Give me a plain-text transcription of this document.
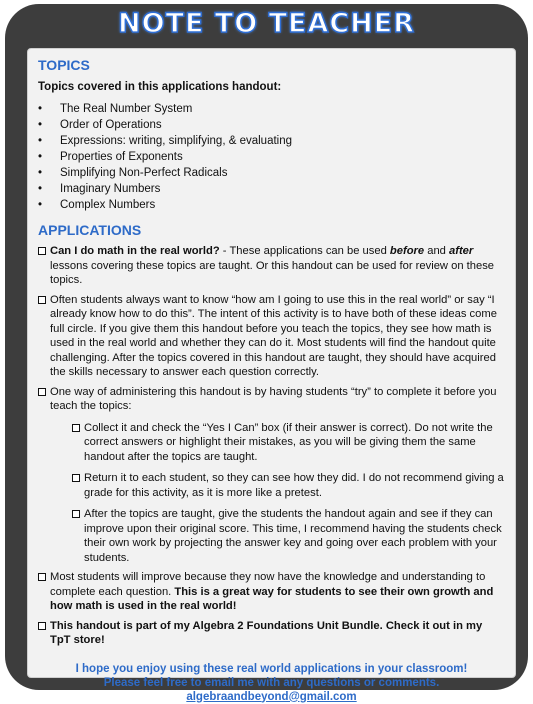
NOTE TO TEACHER
TOPICS
Topics covered in this applications handout:
• The Real Number System
• Order of Operations
• Expressions: writing, simplifying, & evaluating
• Properties of Exponents
• Simplifying Non-Perfect Radicals
• Imaginary Numbers
• Complex Numbers
APPLICATIONS
Can I do math in the real world? - These applications can be used before and after lessons covering these topics are taught. Or this handout can be used for review on these topics.
Often students always want to know “how am I going to use this in the real world” or say “I already know how to do this”. The intent of this activity is to have both of these ideas come full circle. If you give them this handout before you teach the topics, they see how math is used in the real world and whether they can do it. Most students will find the handout quite challenging. After the topics covered in this handout are taught, they should have acquired the skills necessary to answer each question correctly.
One way of administering this handout is by having students “try” to complete it before you teach the topics:
Collect it and check the “Yes I Can” box (if their answer is correct). Do not write the correct answers or highlight their mistakes, as you will be giving them the same handout after the topics are taught.
Return it to each student, so they can see how they did. I do not recommend giving a grade for this activity, as it is more like a pretest.
After the topics are taught, give the students the handout again and see if they can improve upon their original score. This time, I recommend having the students check their own work by projecting the answer key and going over each problem with your students.
Most students will improve because they now have the knowledge and understanding to complete each question. This is a great way for students to see their own growth and how math is used in the real world!
This handout is part of my Algebra 2 Foundations Unit Bundle. Check it out in my TpT store!
I hope you enjoy using these real world applications in your classroom!
Please feel free to email me with any questions or comments.
algebraandbeyond@gmail.com
